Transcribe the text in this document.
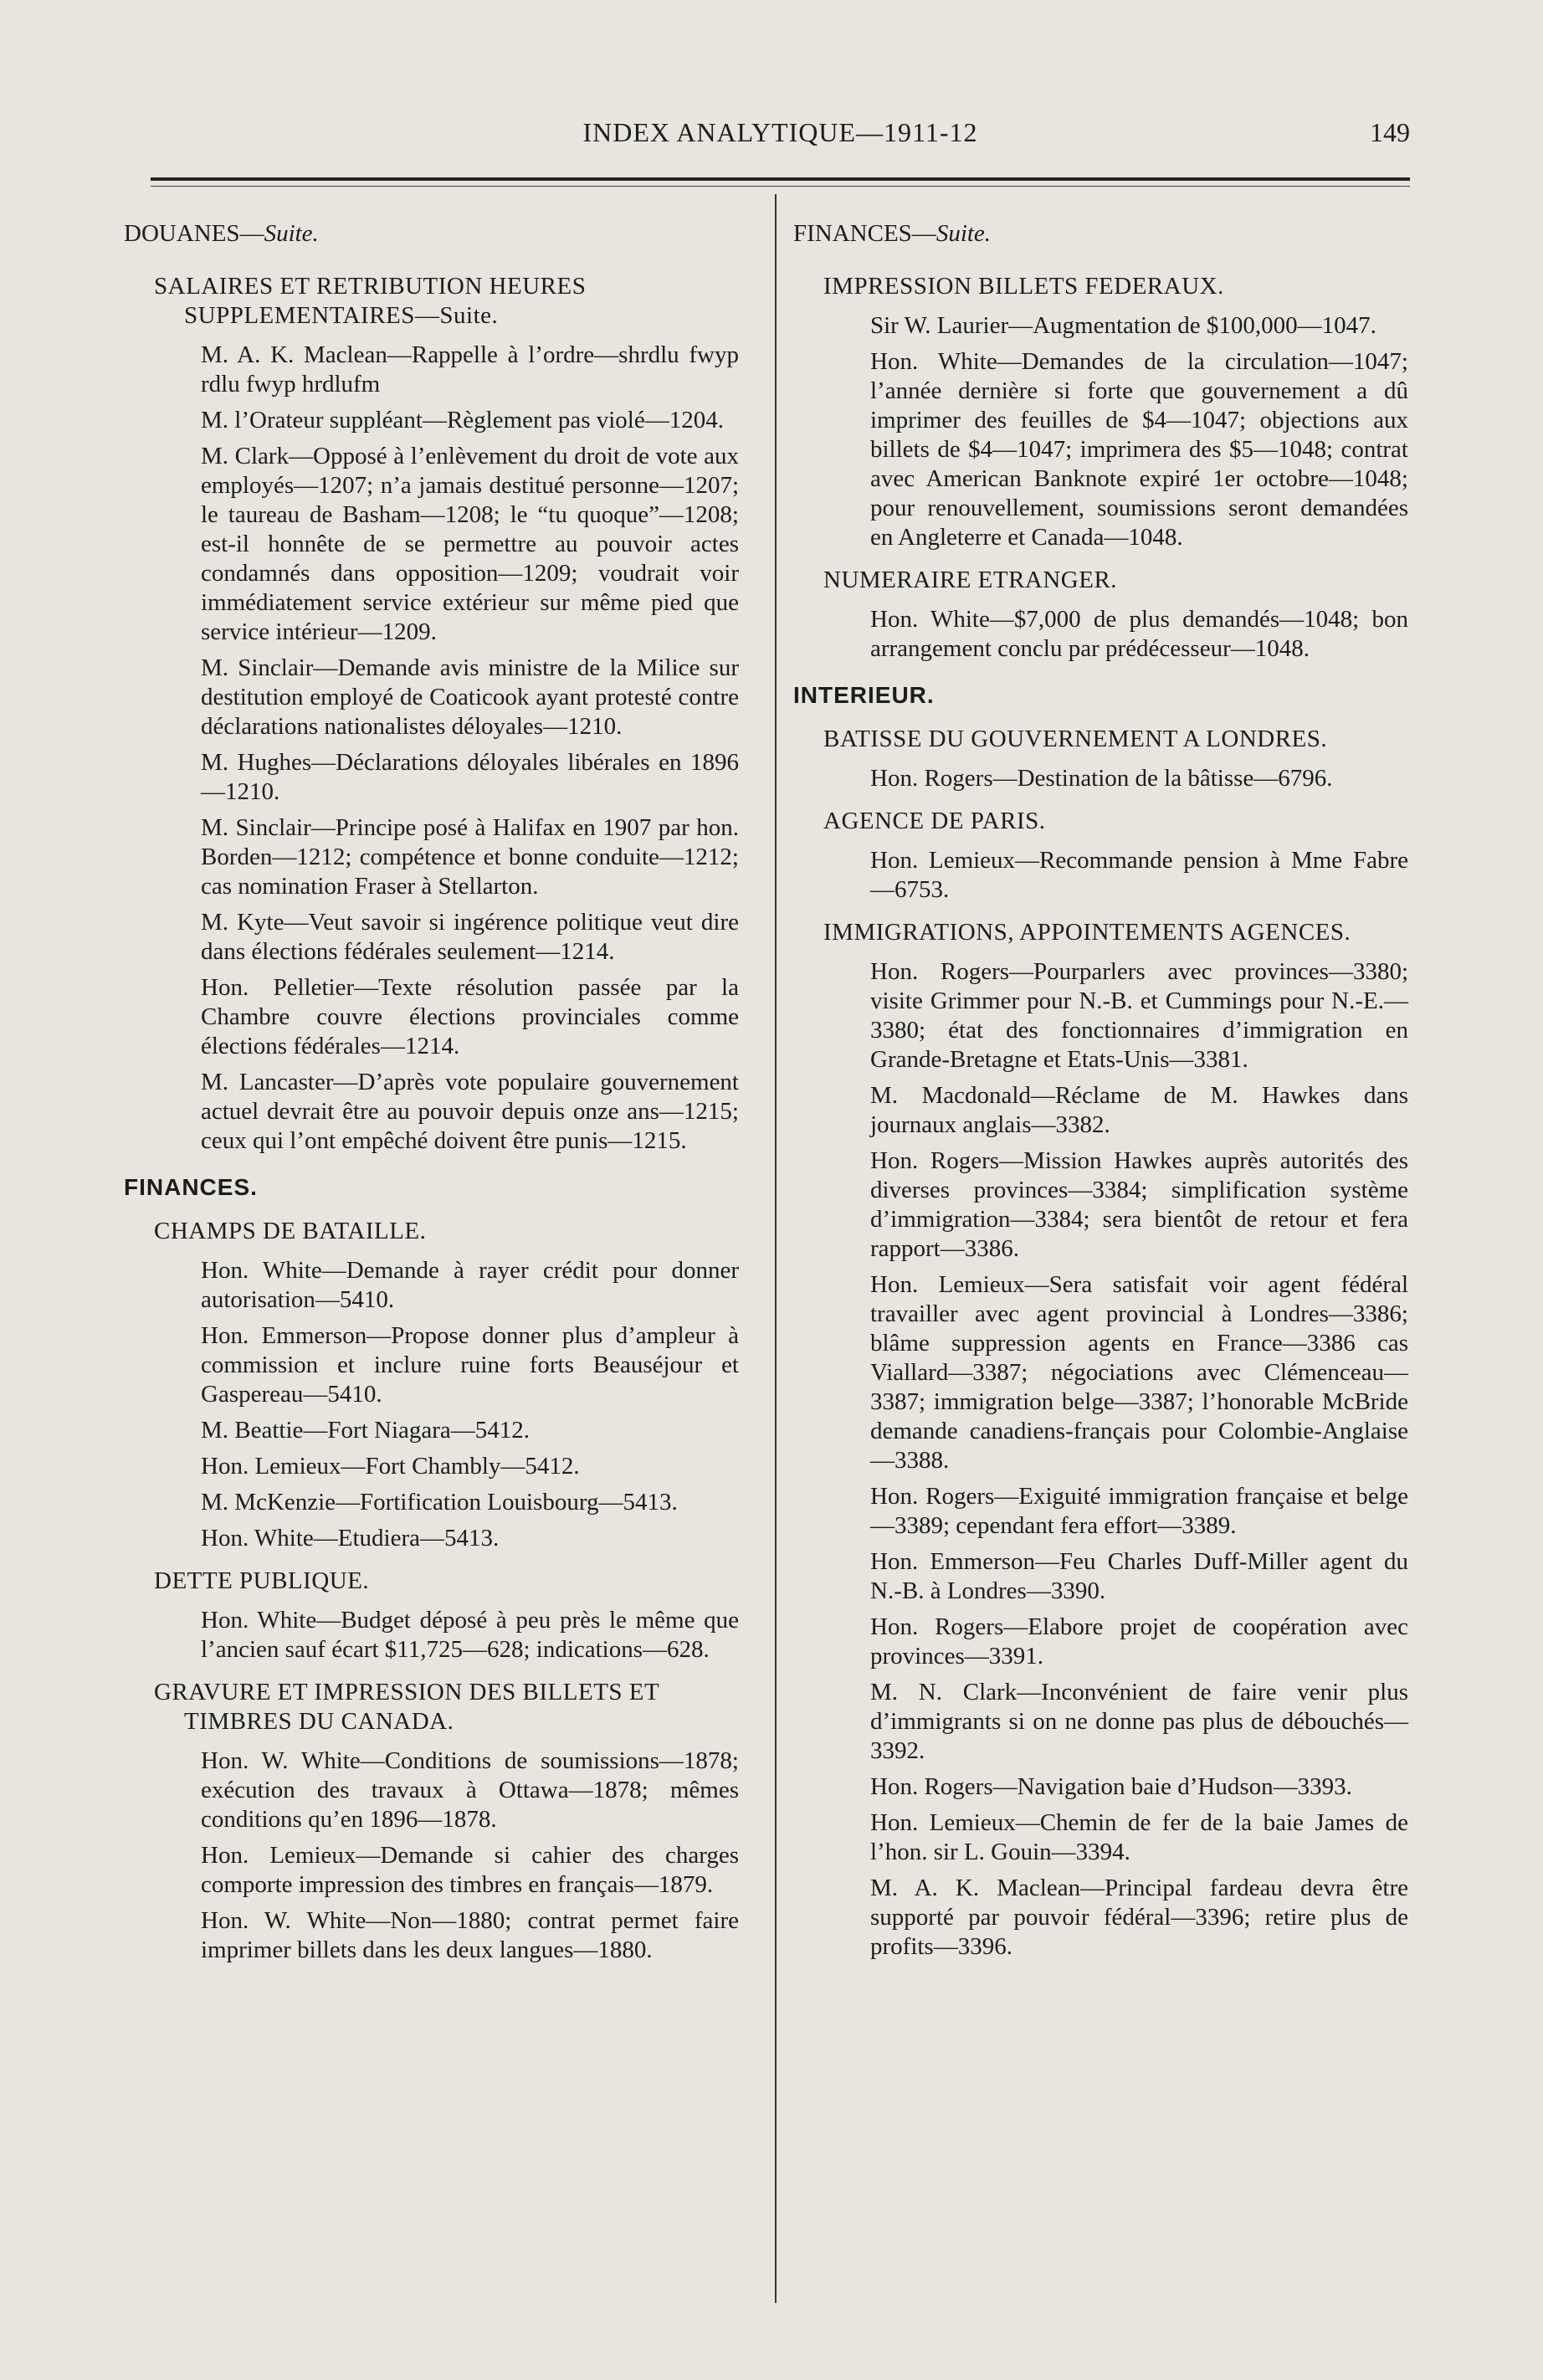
INDEX ANALYTIQUE—1911-12	149
DOUANES—Suite.
SALAIRES ET RETRIBUTION HEURES SUPPLEMENTAIRES—Suite.
M. A. K. Maclean—Rappelle à l’ordre—shrdlu fwyp rdlu fwyp hrdlufm
M. l’Orateur suppléant—Règlement pas violé—1204.
M. Clark—Opposé à l’enlèvement du droit de vote aux employés—1207; n’a jamais destitué personne—1207; le taureau de Basham—1208; le “tu quoque”—1208; est-il honnête de se permettre au pouvoir actes condamnés dans opposition—1209; voudrait voir immédiatement service extérieur sur même pied que service intérieur—1209.
M. Sinclair—Demande avis ministre de la Milice sur destitution employé de Coaticook ayant protesté contre déclarations nationalistes déloyales—1210.
M. Hughes—Déclarations déloyales libérales en 1896—1210.
M. Sinclair—Principe posé à Halifax en 1907 par hon. Borden—1212; compétence et bonne conduite—1212; cas nomination Fraser à Stellarton.
M. Kyte—Veut savoir si ingérence politique veut dire dans élections fédérales seulement—1214.
Hon. Pelletier—Texte résolution passée par la Chambre couvre élections provinciales comme élections fédérales—1214.
M. Lancaster—D’après vote populaire gouvernement actuel devrait être au pouvoir depuis onze ans—1215; ceux qui l’ont empêché doivent être punis—1215.
FINANCES.
CHAMPS DE BATAILLE.
Hon. White—Demande à rayer crédit pour donner autorisation—5410.
Hon. Emmerson—Propose donner plus d’ampleur à commission et inclure ruine forts Beauséjour et Gaspereau—5410.
M. Beattie—Fort Niagara—5412.
Hon. Lemieux—Fort Chambly—5412.
M. McKenzie—Fortification Louisbourg—5413.
Hon. White—Etudiera—5413.
DETTE PUBLIQUE.
Hon. White—Budget déposé à peu près le même que l’ancien sauf écart $11,725—628; indications—628.
GRAVURE ET IMPRESSION DES BILLETS ET TIMBRES DU CANADA.
Hon. W. White—Conditions de soumissions—1878; exécution des travaux à Ottawa—1878; mêmes conditions qu’en 1896—1878.
Hon. Lemieux—Demande si cahier des charges comporte impression des timbres en français—1879.
Hon. W. White—Non—1880; contrat permet faire imprimer billets dans les deux langues—1880.
FINANCES—Suite.
IMPRESSION BILLETS FEDERAUX.
Sir W. Laurier—Augmentation de $100,000—1047.
Hon. White—Demandes de la circulation—1047; l’année dernière si forte que gouvernement a dû imprimer des feuilles de $4—1047; objections aux billets de $4—1047; imprimera des $5—1048; contrat avec American Banknote expiré 1er octobre—1048; pour renouvellement, soumissions seront demandées en Angleterre et Canada—1048.
NUMERAIRE ETRANGER.
Hon. White—$7,000 de plus demandés—1048; bon arrangement conclu par prédécesseur—1048.
INTERIEUR.
BATISSE DU GOUVERNEMENT A LONDRES.
Hon. Rogers—Destination de la bâtisse—6796.
AGENCE DE PARIS.
Hon. Lemieux—Recommande pension à Mme Fabre—6753.
IMMIGRATIONS, APPOINTEMENTS AGENCES.
Hon. Rogers—Pourparlers avec provinces—3380; visite Grimmer pour N.-B. et Cummings pour N.-E.—3380; état des fonctionnaires d’immigration en Grande-Bretagne et Etats-Unis—3381.
M. Macdonald—Réclame de M. Hawkes dans journaux anglais—3382.
Hon. Rogers—Mission Hawkes auprès autorités des diverses provinces—3384; simplification système d’immigration—3384; sera bientôt de retour et fera rapport—3386.
Hon. Lemieux—Sera satisfait voir agent fédéral travailler avec agent provincial à Londres—3386; blâme suppression agents en France—3386 cas Viallard—3387; négociations avec Clémenceau—3387; immigration belge—3387; l’honorable McBride demande canadiens-français pour Colombie-Anglaise—3388.
Hon. Rogers—Exiguité immigration française et belge—3389; cependant fera effort—3389.
Hon. Emmerson—Feu Charles Duff-Miller agent du N.-B. à Londres—3390.
Hon. Rogers—Elabore projet de coopération avec provinces—3391.
M. N. Clark—Inconvénient de faire venir plus d’immigrants si on ne donne pas plus de débouchés—3392.
Hon. Rogers—Navigation baie d’Hudson—3393.
Hon. Lemieux—Chemin de fer de la baie James de l’hon. sir L. Gouin—3394.
M. A. K. Maclean—Principal fardeau devra être supporté par pouvoir fédéral—3396; retire plus de profits—3396.
